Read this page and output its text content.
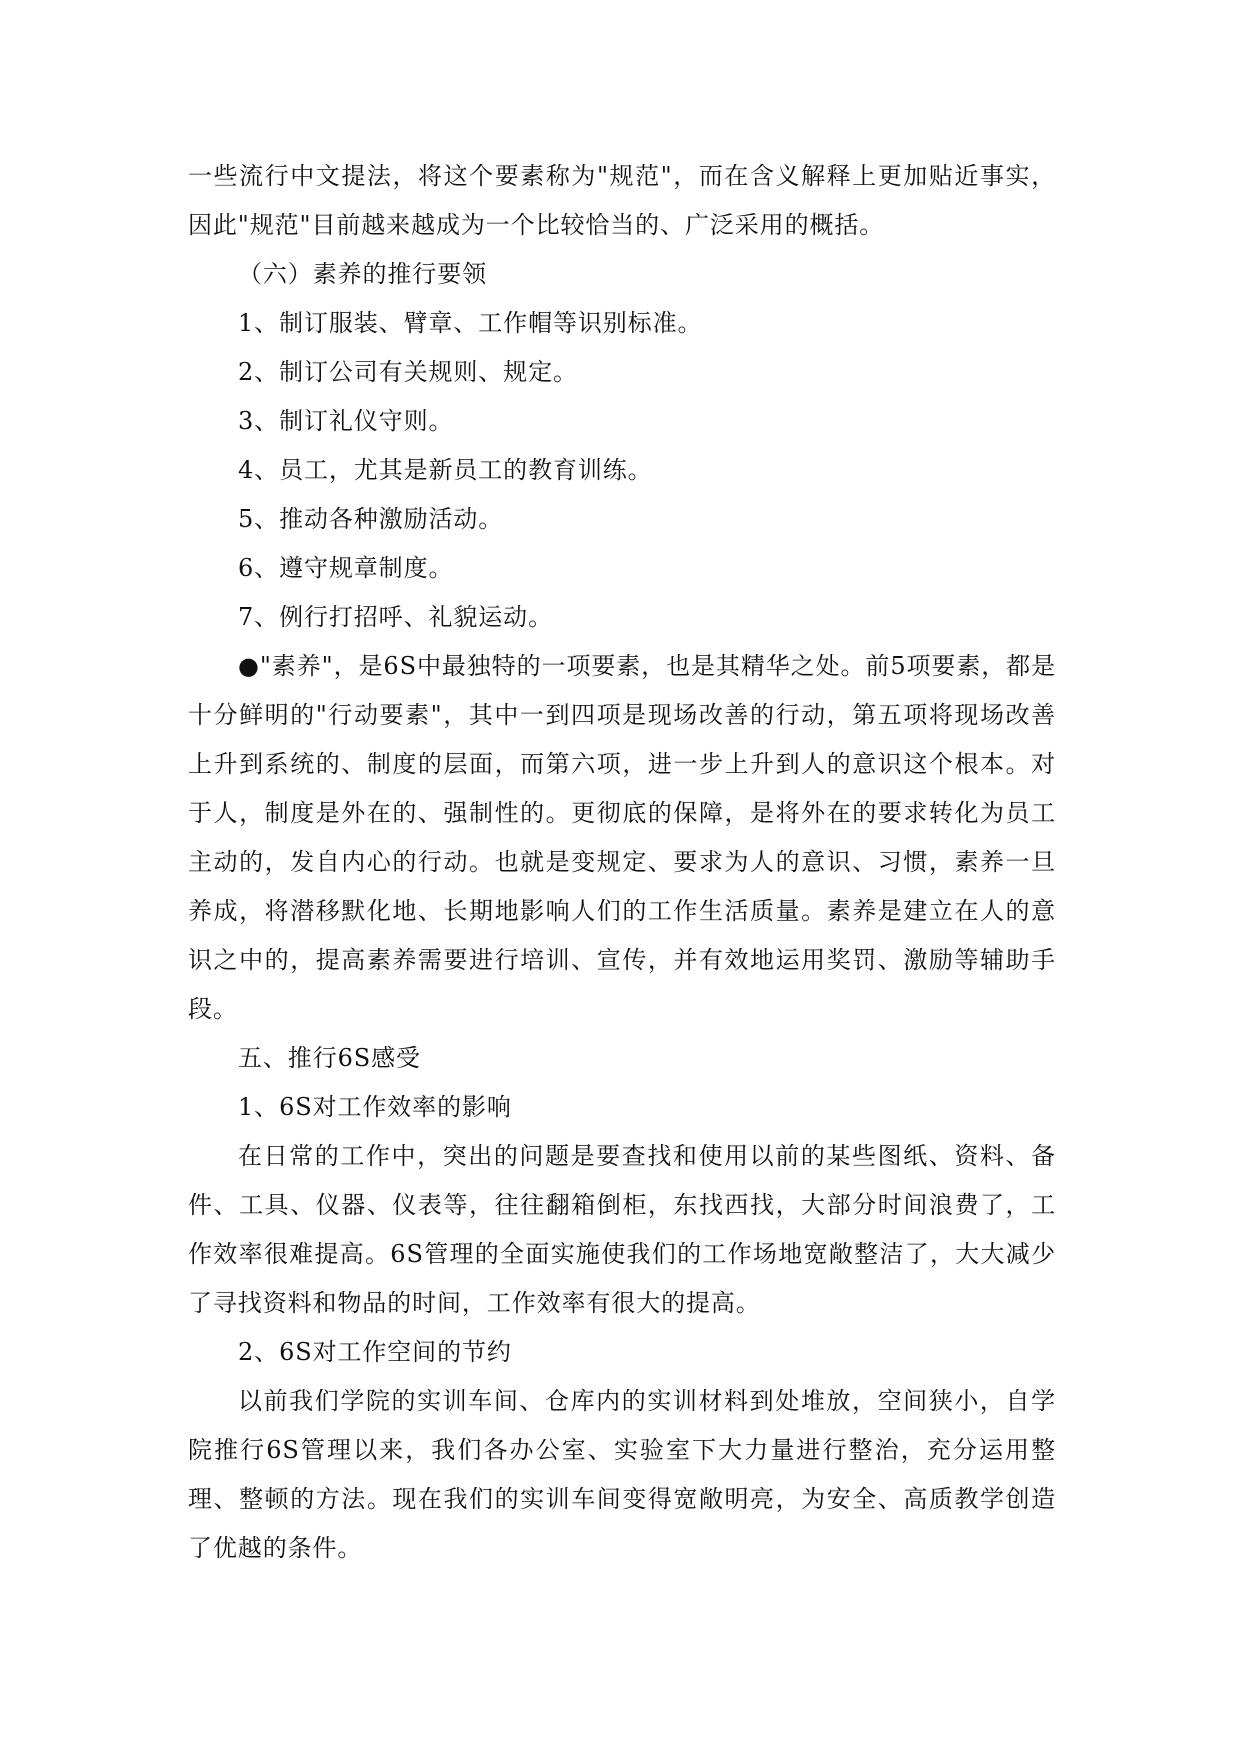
一些流行中文提法，将这个要素称为"规范"，而在含义解释上更加贴近事实，因此"规范"目前越来越成为一个比较恰当的、广泛采用的概括。

（六）素养的推行要领

1、制订服装、臂章、工作帽等识别标准。

2、制订公司有关规则、规定。

3、制订礼仪守则。

4、员工，尤其是新员工的教育训练。

5、推动各种激励活动。

6、遵守规章制度。

7、例行打招呼、礼貌运动。

●"素养"，是6S中最独特的一项要素，也是其精华之处。前5项要素，都是十分鲜明的"行动要素"，其中一到四项是现场改善的行动，第五项将现场改善上升到系统的、制度的层面，而第六项，进一步上升到人的意识这个根本。对于人，制度是外在的、强制性的。更彻底的保障，是将外在的要求转化为员工主动的，发自内心的行动。也就是变规定、要求为人的意识、习惯，素养一旦养成，将潜移默化地、长期地影响人们的工作生活质量。素养是建立在人的意识之中的，提高素养需要进行培训、宣传，并有效地运用奖罚、激励等辅助手段。

五、推行6S感受

1、6S对工作效率的影响

在日常的工作中，突出的问题是要查找和使用以前的某些图纸、资料、备件、工具、仪器、仪表等，往往翻箱倒柜，东找西找，大部分时间浪费了，工作效率很难提高。6S管理的全面实施使我们的工作场地宽敞整洁了，大大减少了寻找资料和物品的时间，工作效率有很大的提高。

2、6S对工作空间的节约

以前我们学院的实训车间、仓库内的实训材料到处堆放，空间狭小，自学院推行6S管理以来，我们各办公室、实验室下大力量进行整治，充分运用整理、整顿的方法。现在我们的实训车间变得宽敞明亮，为安全、高质教学创造了优越的条件。
